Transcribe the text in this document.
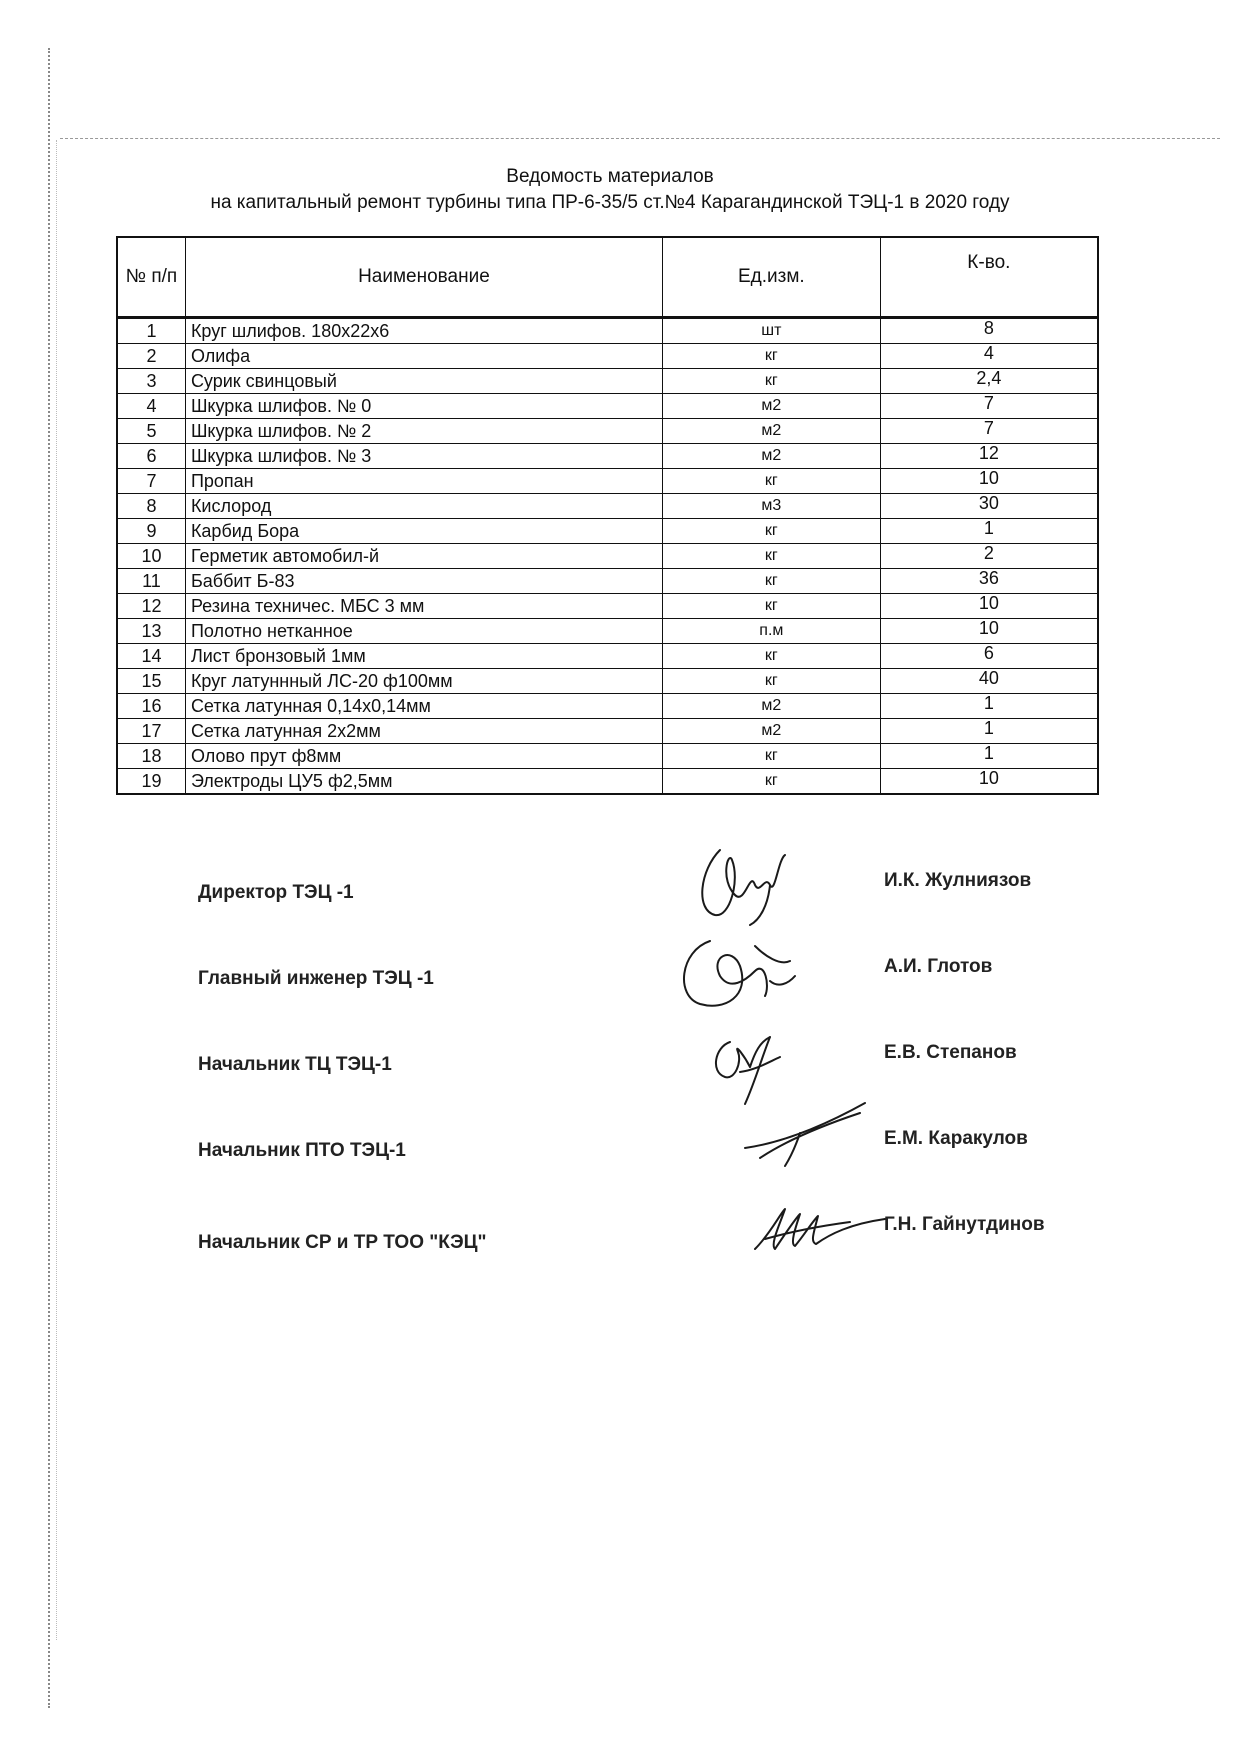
Ведомость материалов
на капитальный ремонт турбины типа ПР-6-35/5 ст.№4 Карагандинской ТЭЦ-1 в 2020 году
№ п/п	Наименование	Ед.изм.	К-во.
1	Круг шлифов. 180х22х6	шт	8
2	Олифа	кг	4
3	Сурик свинцовый	кг	2,4
4	Шкурка шлифов. № 0	м2	7
5	Шкурка шлифов. № 2	м2	7
6	Шкурка шлифов. № 3	м2	12
7	Пропан	кг	10
8	Кислород	м3	30
9	Карбид Бора	кг	1
10	Герметик автомобил-й	кг	2
11	Баббит Б-83	кг	36
12	Резина техничес. МБС 3 мм	кг	10
13	Полотно нетканное	п.м	10
14	Лист бронзовый 1мм	кг	6
15	Круг латуннный ЛС-20 ф100мм	кг	40
16	Сетка латунная 0,14х0,14мм	м2	1
17	Сетка латунная 2х2мм	м2	1
18	Олово прут ф8мм	кг	1
19	Электроды ЦУ5 ф2,5мм	кг	10
Директор ТЭЦ -1
И.К. Жулниязов
Главный инженер ТЭЦ -1
А.И. Глотов
Начальник ТЦ ТЭЦ-1
Е.В. Степанов
Начальник ПТО ТЭЦ-1
Е.М. Каракулов
Начальник СР и ТР ТОО "КЭЦ"
Г.Н. Гайнутдинов
